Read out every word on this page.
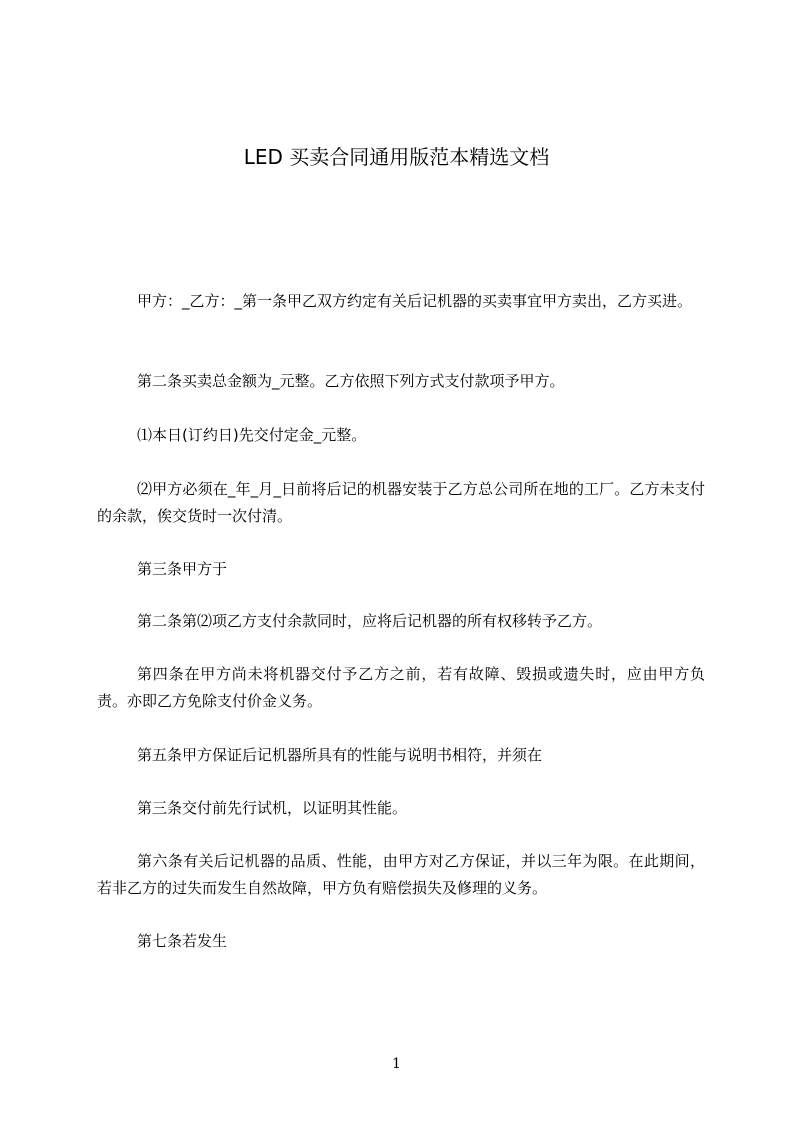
LED 买卖合同通用版范本精选文档

甲方：_乙方：_第一条甲乙双方约定有关后记机器的买卖事宜甲方卖出，乙方买进。

第二条买卖总金额为_元整。乙方依照下列方式支付款项予甲方。

⑴本日(订约日)先交付定金_元整。

⑵甲方必须在_年_月_日前将后记的机器安装于乙方总公司所在地的工厂。乙方未支付的余款，俟交货时一次付清。

第三条甲方于

第二条第⑵项乙方支付余款同时，应将后记机器的所有权移转予乙方。

第四条在甲方尚未将机器交付予乙方之前，若有故障、毁损或遗失时，应由甲方负责。亦即乙方免除支付价金义务。

第五条甲方保证后记机器所具有的性能与说明书相符，并须在

第三条交付前先行试机，以证明其性能。

第六条有关后记机器的品质、性能，由甲方对乙方保证，并以三年为限。在此期间，若非乙方的过失而发生自然故障，甲方负有赔偿损失及修理的义务。

第七条若发生

1
